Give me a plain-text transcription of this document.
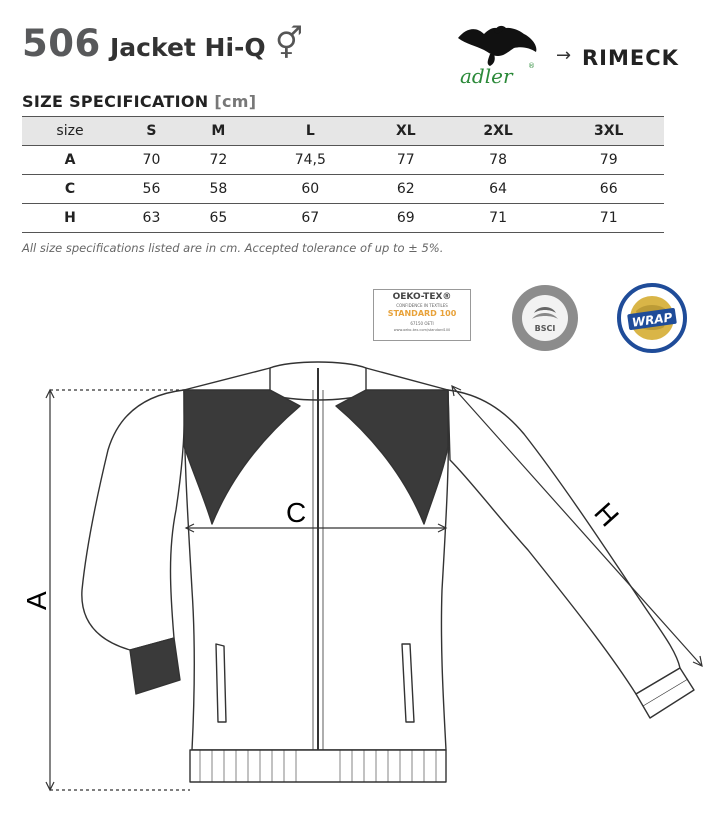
506 Jacket Hi-Q ⚥
adler ® → RIMECK
SIZE SPECIFICATION [cm]
size	S	M	L	XL	2XL	3XL
A	70	72	74,5	77	78	79
C	56	58	60	62	64	66
H	63	65	67	69	71	71
All size specifications listed are in cm. Accepted tolerance of up to ± 5%.
OEKO-TEX®
CONFIDENCE IN TEXTILES
STANDARD 100
67150 OETI
www.oeko-tex.com/standard100	BSCI	WRAP
A
C	H
